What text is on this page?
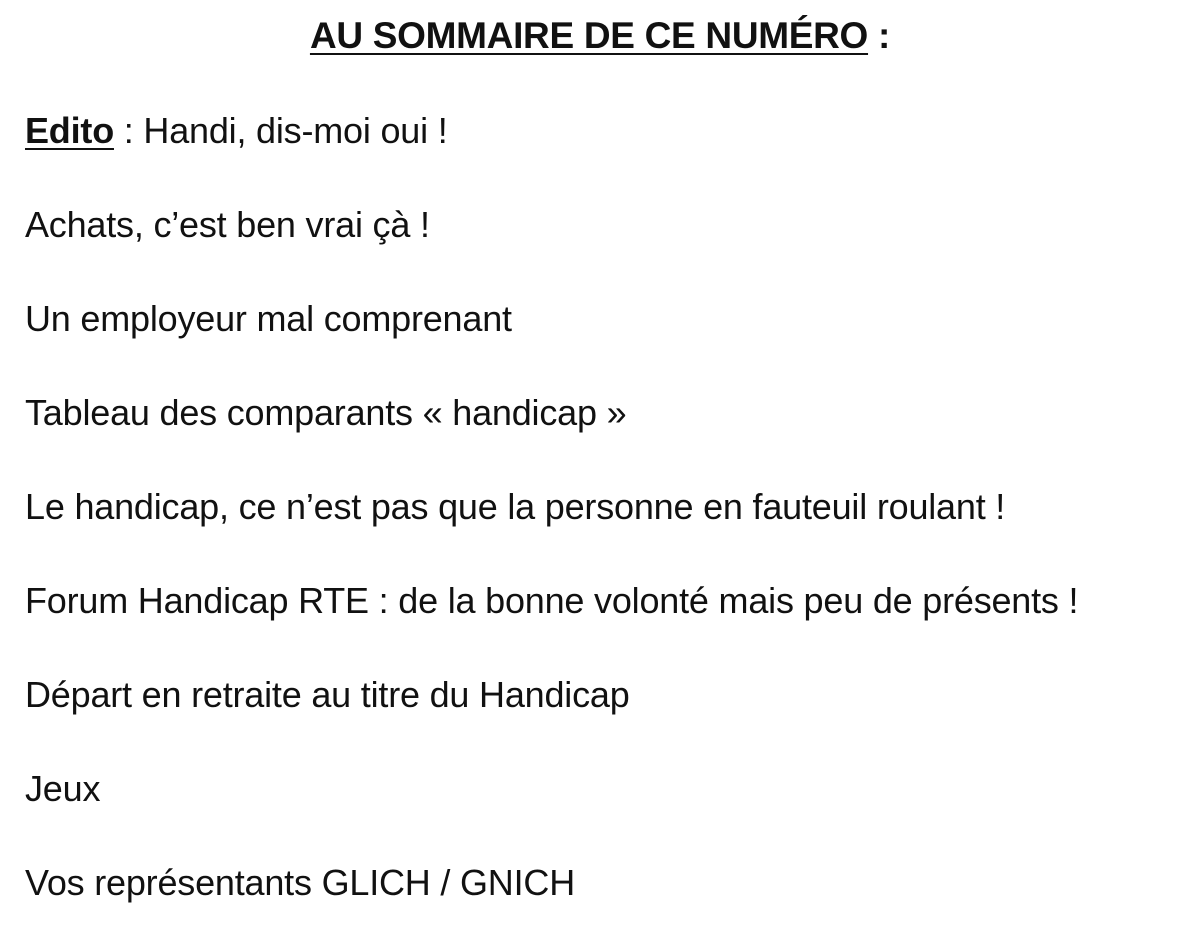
AU SOMMAIRE DE CE NUMÉRO :
Edito : Handi, dis-moi oui !
Achats, c’est ben vrai çà !
Un employeur mal comprenant
Tableau des comparants « handicap »
Le handicap, ce n’est pas que la personne en fauteuil roulant !
Forum Handicap RTE : de la bonne volonté mais peu de présents !
Départ en retraite au titre du Handicap
Jeux
Vos représentants GLICH / GNICH
